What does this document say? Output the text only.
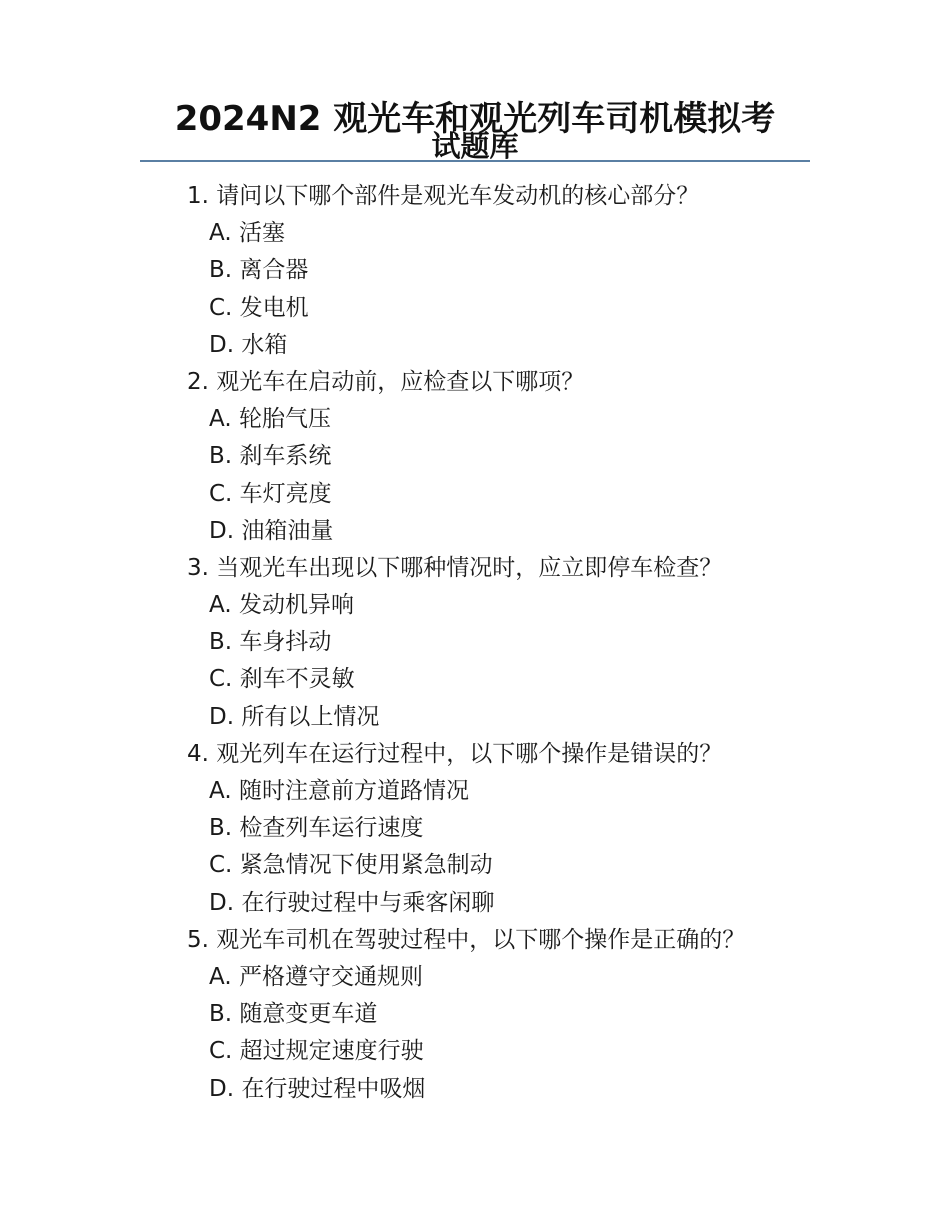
2024N2 观光车和观光列车司机模拟考
试题库
1. 请问以下哪个部件是观光车发动机的核心部分？
A. 活塞
B. 离合器
C. 发电机
D. 水箱
2. 观光车在启动前，应检查以下哪项？
A. 轮胎气压
B. 刹车系统
C. 车灯亮度
D. 油箱油量
3. 当观光车出现以下哪种情况时，应立即停车检查？
A. 发动机异响
B. 车身抖动
C. 刹车不灵敏
D. 所有以上情况
4. 观光列车在运行过程中，以下哪个操作是错误的？
A. 随时注意前方道路情况
B. 检查列车运行速度
C. 紧急情况下使用紧急制动
D. 在行驶过程中与乘客闲聊
5. 观光车司机在驾驶过程中，以下哪个操作是正确的？
A. 严格遵守交通规则
B. 随意变更车道
C. 超过规定速度行驶
D. 在行驶过程中吸烟
